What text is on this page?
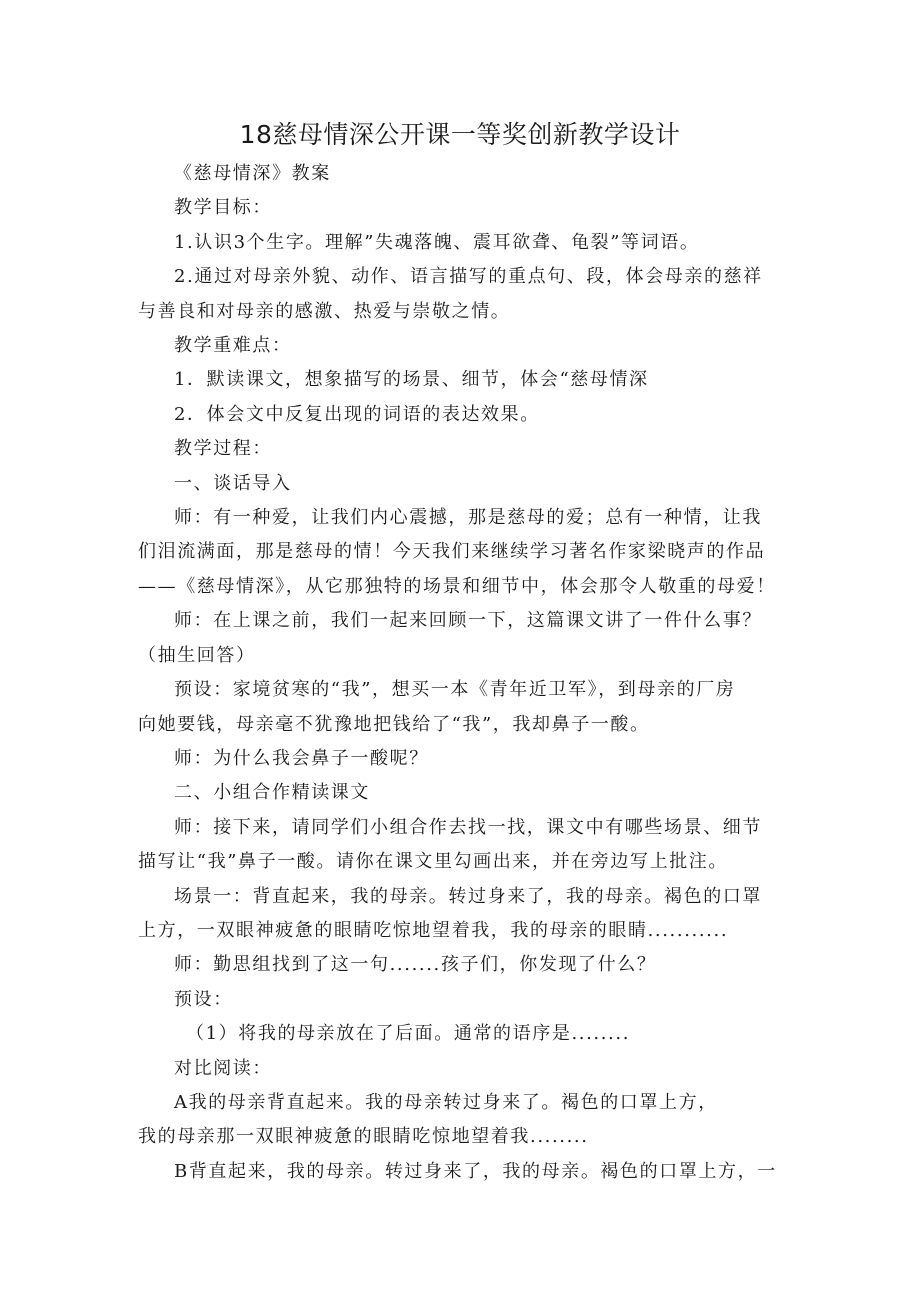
18慈母情深公开课一等奖创新教学设计

《慈母情深》教案

教学目标：

1.认识3个生字。理解”失魂落魄、震耳欲聋、龟裂”等词语。

2.通过对母亲外貌、动作、语言描写的重点句、段，体会母亲的慈祥

与善良和对母亲的感激、热爱与崇敬之情。

教学重难点：

1．默读课文，想象描写的场景、细节，体会“慈母情深

2．体会文中反复出现的词语的表达效果。

教学过程：

一、谈话导入

师：有一种爱，让我们内心震撼，那是慈母的爱；总有一种情，让我

们泪流满面，那是慈母的情！今天我们来继续学习著名作家梁晓声的作品

——《慈母情深》，从它那独特的场景和细节中，体会那令人敬重的母爱！

师：在上课之前，我们一起来回顾一下，这篇课文讲了一件什么事？

（抽生回答）

预设：家境贫寒的“我”，想买一本《青年近卫军》，到母亲的厂房

向她要钱，母亲毫不犹豫地把钱给了“我”，我却鼻子一酸。

师：为什么我会鼻子一酸呢？

二、小组合作精读课文

师：接下来，请同学们小组合作去找一找，课文中有哪些场景、细节

描写让“我”鼻子一酸。请你在课文里勾画出来，并在旁边写上批注。

场景一：背直起来，我的母亲。转过身来了，我的母亲。褐色的口罩

上方，一双眼神疲惫的眼睛吃惊地望着我，我的母亲的眼睛...........

师：勤思组找到了这一句.......孩子们，你发现了什么？

预设：

（1）将我的母亲放在了后面。通常的语序是........

对比阅读：

A我的母亲背直起来。我的母亲转过身来了。褐色的口罩上方，

我的母亲那一双眼神疲惫的眼睛吃惊地望着我........

B背直起来，我的母亲。转过身来了，我的母亲。褐色的口罩上方，一
